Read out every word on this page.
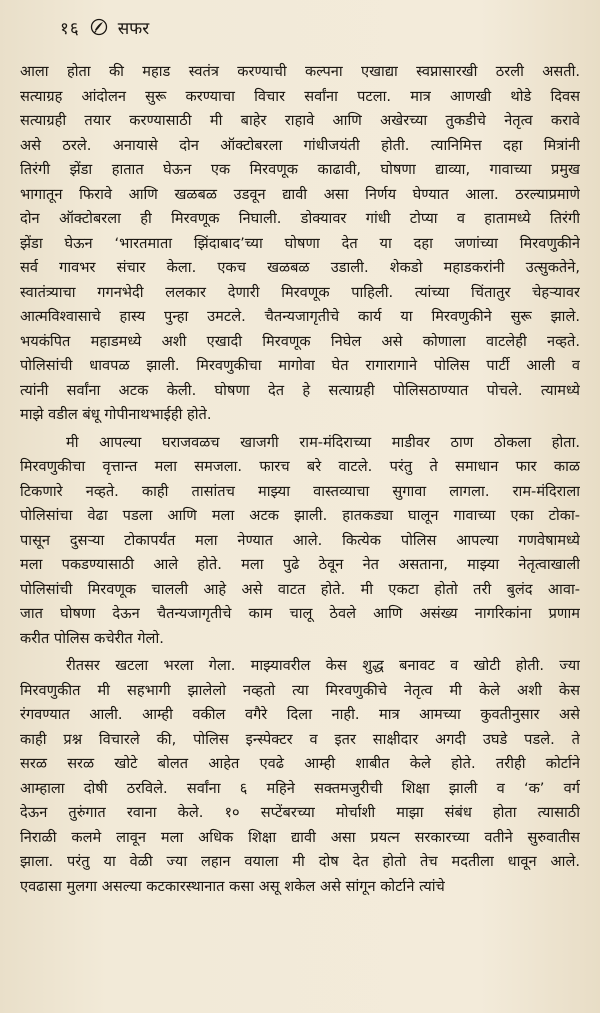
१६ सफर
आला होता की महाड स्वतंत्र करण्याची कल्पना एखाद्या स्वप्नासारखी ठरली असती.
सत्याग्रह आंदोलन सुरू करण्याचा विचार सर्वांना पटला. मात्र आणखी थोडे दिवस
सत्याग्रही तयार करण्यासाठी मी बाहेर राहावे आणि अखेरच्या तुकडीचे नेतृत्व करावे
असे ठरले. अनायासे दोन ऑक्टोबरला गांधीजयंती होती. त्यानिमित्त दहा मित्रांनी
तिरंगी झेंडा हातात घेऊन एक मिरवणूक काढावी, घोषणा द्याव्या, गावाच्या प्रमुख
भागातून फिरावे आणि खळबळ उडवून द्यावी असा निर्णय घेण्यात आला. ठरल्याप्रमाणे
दोन ऑक्टोबरला ही मिरवणूक निघाली. डोक्यावर गांधी टोप्या व हातामध्ये तिरंगी
झेंडा घेऊन ‘भारतमाता झिंदाबाद’च्या घोषणा देत या दहा जणांच्या मिरवणुकीने
सर्व गावभर संचार केला. एकच खळबळ उडाली. शेकडो महाडकरांनी उत्सुकतेने,
स्वातंत्र्याचा गगनभेदी ललकार देणारी मिरवणूक पाहिली. त्यांच्या चिंतातुर चेहऱ्यावर
आत्मविश्वासाचे हास्य पुन्हा उमटले. चैतन्यजागृतीचे कार्य या मिरवणुकीने सुरू झाले.
भयकंपित महाडमध्ये अशी एखादी मिरवणूक निघेल असे कोणाला वाटलेही नव्हते.
पोलिसांची धावपळ झाली. मिरवणुकीचा मागोवा घेत रागारागाने पोलिस पार्टी आली व
त्यांनी सर्वांना अटक केली. घोषणा देत हे सत्याग्रही पोलिसठाण्यात पोचले. त्यामध्ये
माझे वडील बंधू गोपीनाथभाईही होते.
मी आपल्या घराजवळच खाजगी राम-मंदिराच्या माडीवर ठाण ठोकला होता.
मिरवणुकीचा वृत्तान्त मला समजला. फारच बरे वाटले. परंतु ते समाधान फार काळ
टिकणारे नव्हते. काही तासांतच माझ्या वास्तव्याचा सुगावा लागला. राम-मंदिराला
पोलिसांचा वेढा पडला आणि मला अटक झाली. हातकड्या घालून गावाच्या एका टोका-
पासून दुसऱ्या टोकापर्यंत मला नेण्यात आले. कित्येक पोलिस आपल्या गणवेषामध्ये
मला पकडण्यासाठी आले होते. मला पुढे ठेवून नेत असताना, माझ्या नेतृत्वाखाली
पोलिसांची मिरवणूक चालली आहे असे वाटत होते. मी एकटा होतो तरी बुलंद आवा-
जात घोषणा देऊन चैतन्यजागृतीचे काम चालू ठेवले आणि असंख्य नागरिकांना प्रणाम
करीत पोलिस कचेरीत गेलो.
रीतसर खटला भरला गेला. माझ्यावरील केस शुद्ध बनावट व खोटी होती. ज्या
मिरवणुकीत मी सहभागी झालेलो नव्हतो त्या मिरवणुकीचे नेतृत्व मी केले अशी केस
रंगवण्यात आली. आम्ही वकील वगैरे दिला नाही. मात्र आमच्या कुवतीनुसार असे
काही प्रश्न विचारले की, पोलिस इन्स्पेक्टर व इतर साक्षीदार अगदी उघडे पडले. ते
सरळ सरळ खोटे बोलत आहेत एवढे आम्ही शाबीत केले होते. तरीही कोर्टाने
आम्हाला दोषी ठरविले. सर्वांना ६ महिने सक्तमजुरीची शिक्षा झाली व ‘क’ वर्ग
देऊन तुरुंगात रवाना केले. १० सप्टेंबरच्या मोर्चाशी माझा संबंध होता त्यासाठी
निराळी कलमे लावून मला अधिक शिक्षा द्यावी असा प्रयत्न सरकारच्या वतीने सुरुवातीस
झाला. परंतु या वेळी ज्या लहान वयाला मी दोष देत होतो तेच मदतीला धावून आले.
एवढासा मुलगा असल्या कटकारस्थानात कसा असू शकेल असे सांगून कोर्टाने त्यांचे
